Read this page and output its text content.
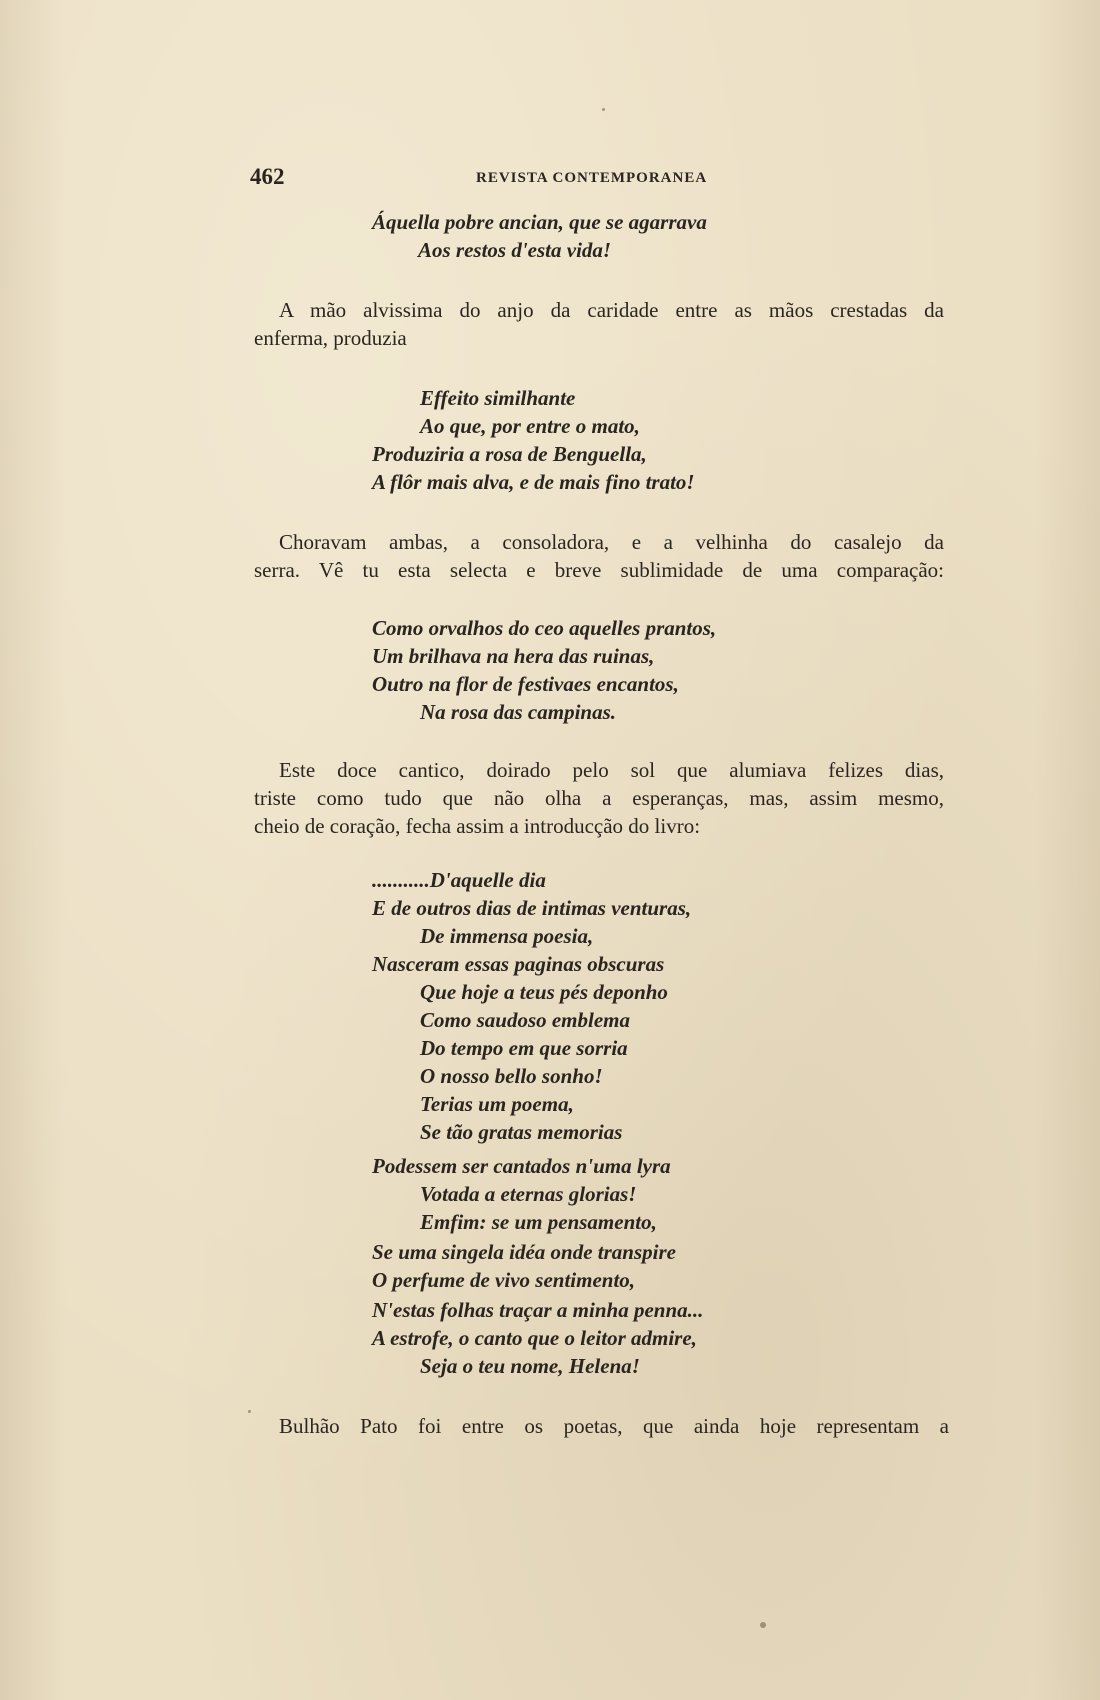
462	REVISTA CONTEMPORANEA
Áquella pobre ancian, que se agarrava
Aos restos d'esta vida!
A mão alvissima do anjo da caridade entre as mãos crestadas da
enferma, produzia
Effeito similhante
Ao que, por entre o mato,
Produziria a rosa de Benguella,
A flôr mais alva, e de mais fino trato!
Choravam ambas, a consoladora, e a velhinha do casalejo da
serra. Vê tu esta selecta e breve sublimidade de uma comparação:
Como orvalhos do ceo aquelles prantos,
Um brilhava na hera das ruinas,
Outro na flor de festivaes encantos,
Na rosa das campinas.
Este doce cantico, doirado pelo sol que alumiava felizes dias,
triste como tudo que não olha a esperanças, mas, assim mesmo,
cheio de coração, fecha assim a introducção do livro:
...........D'aquelle dia
E de outros dias de intimas venturas,
De immensa poesia,
Nasceram essas paginas obscuras
Que hoje a teus pés deponho
Como saudoso emblema
Do tempo em que sorria
O nosso bello sonho!
Terias um poema,
Se tão gratas memorias
Podessem ser cantados n'uma lyra
Votada a eternas glorias!
Emfim: se um pensamento,
Se uma singela idéa onde transpire
O perfume de vivo sentimento,
N'estas folhas traçar a minha penna...
A estrofe, o canto que o leitor admire,
Seja o teu nome, Helena!
Bulhão Pato foi entre os poetas, que ainda hoje representam a
